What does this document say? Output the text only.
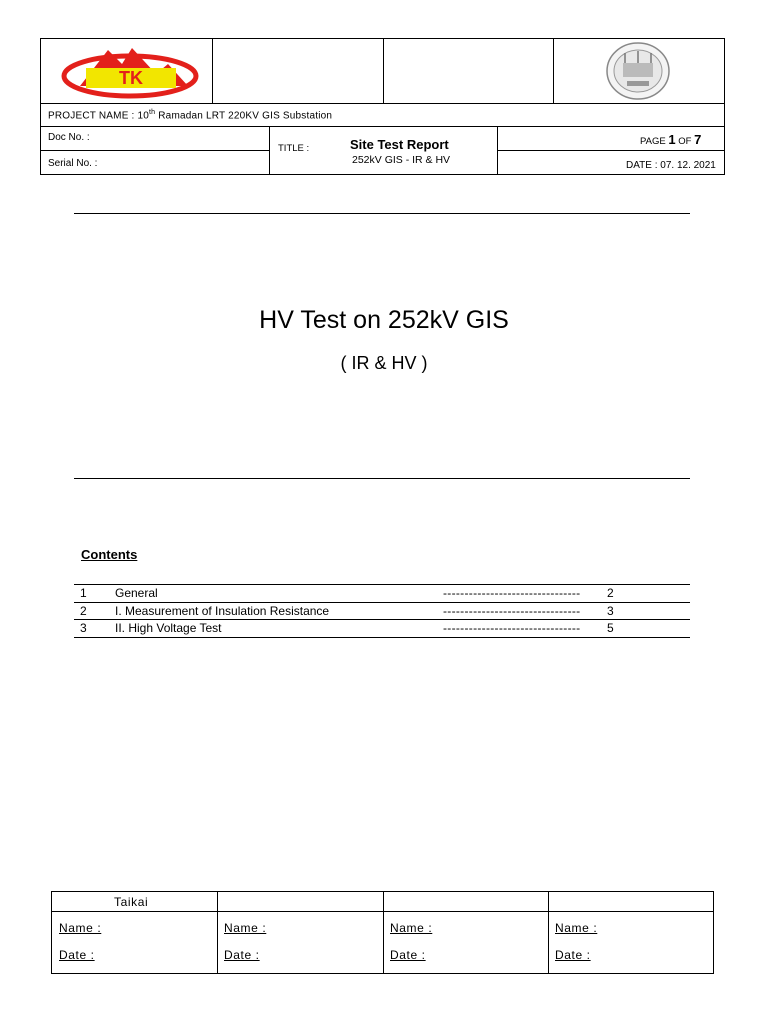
TK
PROJECT NAME : 10th Ramadan LRT 220KV GIS Substation
Doc No. :
Serial No. :
TITLE :	Site Test Report
252kV GIS - IR & HV
PAGE 1 OF 7
DATE : 07. 12. 2021
HV Test on 252kV GIS
( IR & HV )
Contents
1 General	-------------------------------- 2
2 I. Measurement of Insulation Resistance	-------------------------------- 3
3 II. High Voltage Test	-------------------------------- 5
Taikai
Name :
Date :
Name :
Date :
Name :
Date :
Name :
Date :
